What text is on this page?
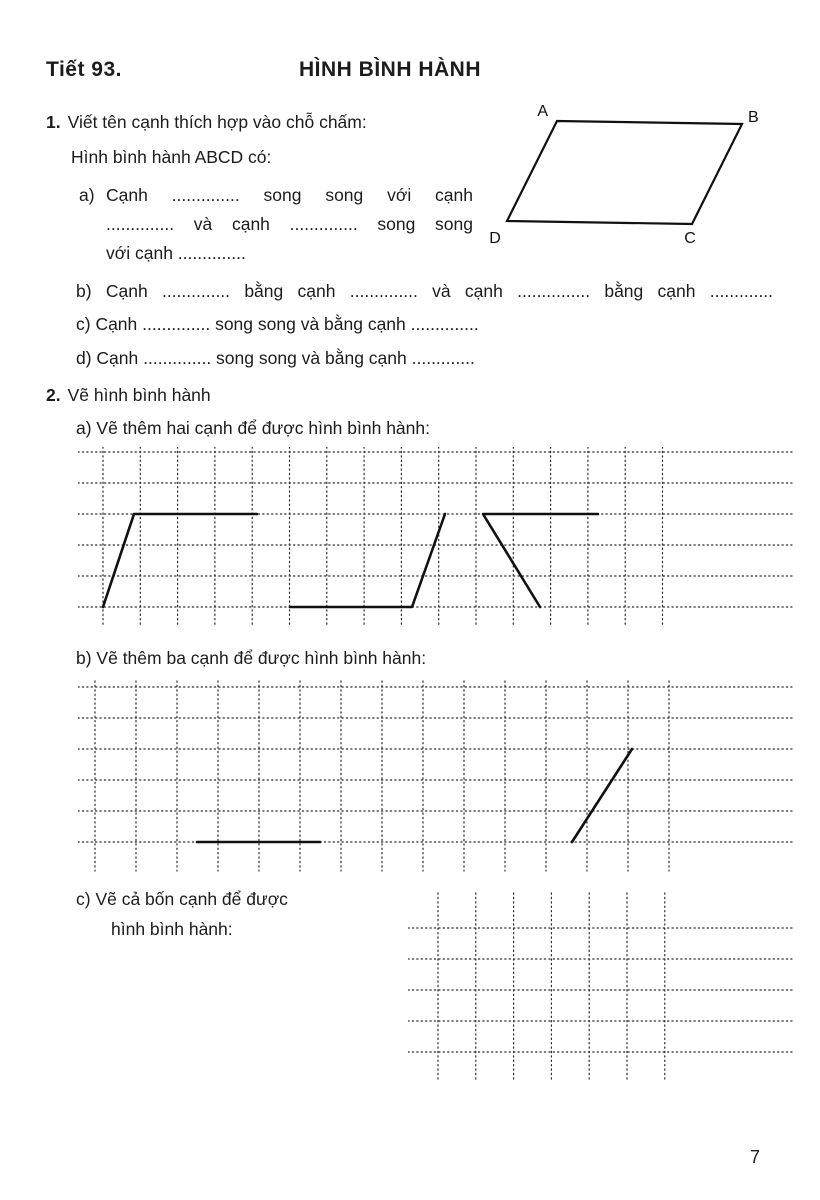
Tiết 93.	HÌNH BÌNH HÀNH
A	B
C
D
1. Viết tên cạnh thích hợp vào chỗ chấm:
Hình bình hành ABCD có:
a) Cạnh .............. song song với cạnh
.............. và cạnh .............. song song
với cạnh ..............
b) Cạnh .............. bằng cạnh .............. và cạnh ............... bằng cạnh .............
c) Cạnh .............. song song và bằng cạnh ..............
d) Cạnh .............. song song và bằng cạnh .............
2. Vẽ hình bình hành
a) Vẽ thêm hai cạnh để được hình bình hành:
b) Vẽ thêm ba cạnh để được hình bình hành:
c) Vẽ cả bốn cạnh để được
hình bình hành:
7
